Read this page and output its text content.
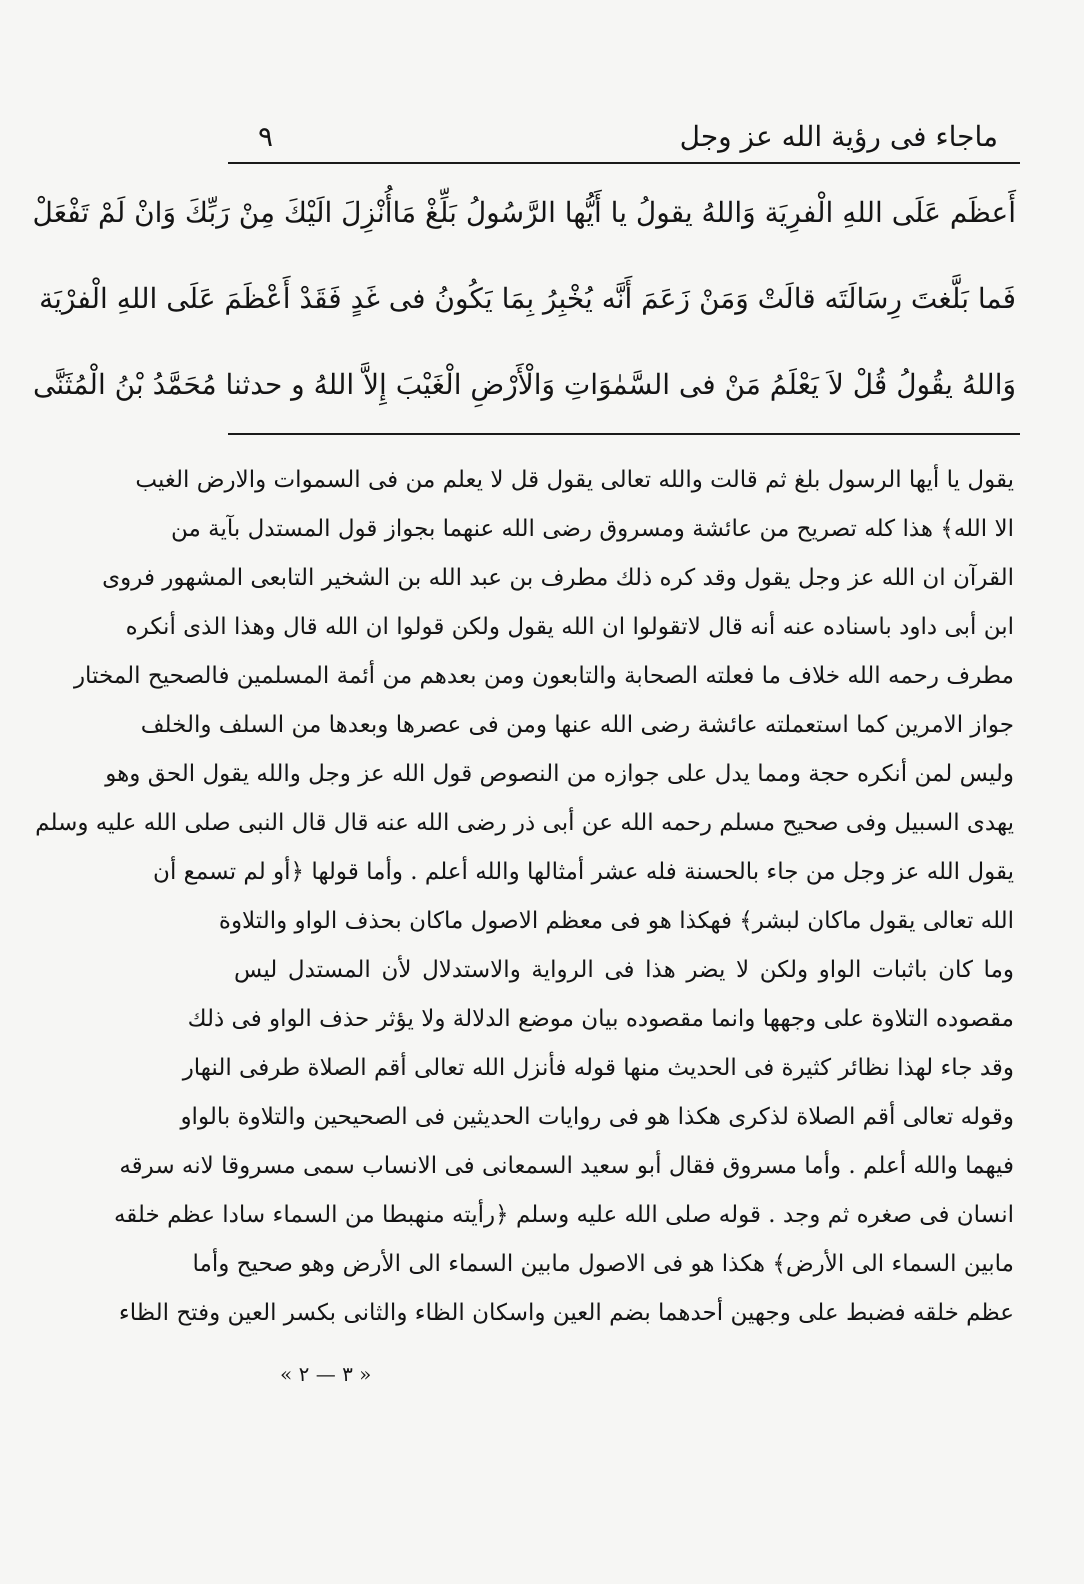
ماجاء فى رؤية الله عز وجل
٩
أَعظَم عَلَى اللهِ الْفرِيَة وَاللهُ يقولُ يا أَيُّها الرَّسُولُ بَلِّغْ مَاأُنْزِلَ الَيْكَ مِنْ رَبِّكَ وَانْ لَمْ تَفْعَلْ
فَما بَلَّغتَ رِسَالَتَه قالَتْ وَمَنْ زَعَمَ أَنَّه يُخْبِرُ بِمَا يَكُونُ فى غَدٍ فَقَدْ أَعْظَمَ عَلَى اللهِ الْفرْيَة
وَاللهُ يقُولُ قُلْ لاَ يَعْلَمُ مَنْ فى السَّمٰوَاتِ وَالْأَرْضِ الْغَيْبَ إِلاَّ اللهُ و حدثنا مُحَمَّدُ بْنُ الْمُثَنَّى
يقول يا أيها الرسول بلغ ثم قالت والله تعالى يقول قل لا يعلم من فى السموات والارض الغيب
الا الله﴾ هذا كله تصريح من عائشة ومسروق رضى الله عنهما بجواز قول المستدل بآية من
القرآن ان الله عز وجل يقول وقد كره ذلك مطرف بن عبد الله بن الشخير التابعى المشهور فروى
ابن أبى داود باسناده عنه أنه قال لاتقولوا ان الله يقول ولكن قولوا ان الله قال وهذا الذى أنكره
مطرف رحمه الله خلاف ما فعلته الصحابة والتابعون ومن بعدهم من أئمة المسلمين فالصحيح المختار
جواز الامرين كما استعملته عائشة رضى الله عنها ومن فى عصرها وبعدها من السلف والخلف
وليس لمن أنكره حجة ومما يدل على جوازه من النصوص قول الله عز وجل والله يقول الحق وهو
يهدى السبيل وفى صحيح مسلم رحمه الله عن أبى ذر رضى الله عنه قال قال النبى صلى الله عليه وسلم
يقول الله عز وجل من جاء بالحسنة فله عشر أمثالها والله أعلم . وأما قولها ﴿أو لم تسمع أن
الله تعالى يقول ماكان لبشر﴾ فهكذا هو فى معظم الاصول ماكان بحذف الواو والتلاوة
وما كان باثبات الواو ولكن لا يضر هذا فى الرواية والاستدلال لأن المستدل ليس
مقصوده التلاوة على وجهها وانما مقصوده بيان موضع الدلالة ولا يؤثر حذف الواو فى ذلك
وقد جاء لهذا نظائر كثيرة فى الحديث منها قوله فأنزل الله تعالى أقم الصلاة طرفى النهار
وقوله تعالى أقم الصلاة لذكرى هكذا هو فى روايات الحديثين فى الصحيحين والتلاوة بالواو
فيهما والله أعلم . وأما مسروق فقال أبو سعيد السمعانى فى الانساب سمى مسروقا لانه سرقه
انسان فى صغره ثم وجد . قوله صلى الله عليه وسلم ﴿رأيته منهبطا من السماء سادا عظم خلقه
مابين السماء الى الأرض﴾ هكذا هو فى الاصول مابين السماء الى الأرض وهو صحيح وأما
عظم خلقه فضبط على وجهين أحدهما بضم العين واسكان الظاء والثانى بكسر العين وفتح الظاء
« ٣ — ٢ »
